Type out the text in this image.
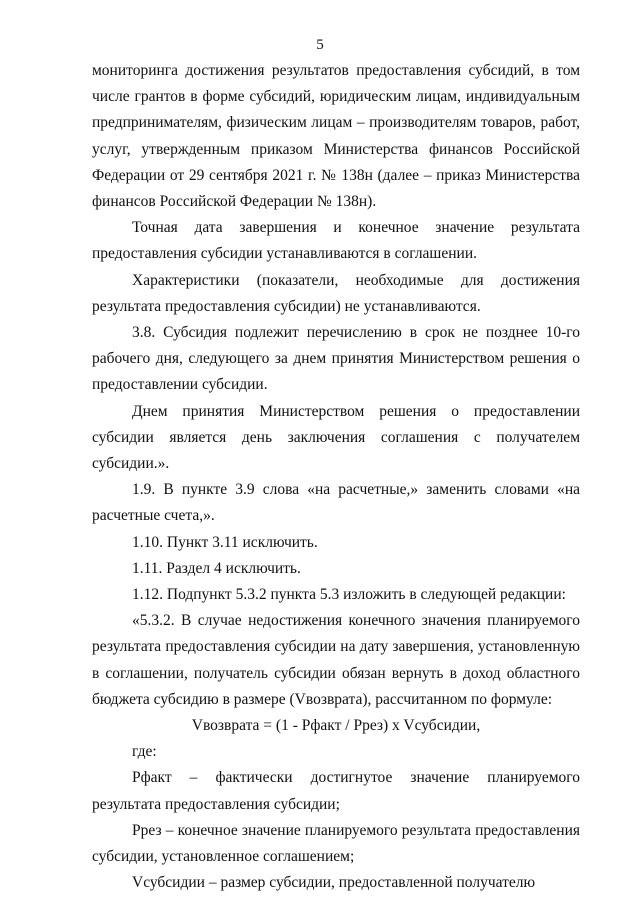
5

мониторинга достижения результатов предоставления субсидий, в том числе грантов в форме субсидий, юридическим лицам, индивидуальным предпринимателям, физическим лицам – производителям товаров, работ, услуг, утвержденным приказом Министерства финансов Российской Федерации от 29 сентября 2021 г. № 138н (далее – приказ Министерства финансов Российской Федерации № 138н).

Точная дата завершения и конечное значение результата предоставления субсидии устанавливаются в соглашении.

Характеристики (показатели, необходимые для достижения результата предоставления субсидии) не устанавливаются.

3.8. Субсидия подлежит перечислению в срок не позднее 10-го рабочего дня, следующего за днем принятия Министерством решения о предоставлении субсидии.

Днем принятия Министерством решения о предоставлении субсидии является день заключения соглашения с получателем субсидии.».

1.9. В пункте 3.9 слова «на расчетные,» заменить словами «на расчетные счета,».

1.10. Пункт 3.11 исключить.

1.11. Раздел 4 исключить.

1.12. Подпункт 5.3.2 пункта 5.3 изложить в следующей редакции:

«5.3.2. В случае недостижения конечного значения планируемого результата предоставления субсидии на дату завершения, установленную в соглашении, получатель субсидии обязан вернуть в доход областного бюджета субсидию в размере (Vвозврата), рассчитанном по формуле:

Vвозврата = (1 - Pфакт / Pрез) x Vсубсидии,

где:

Pфакт – фактически достигнутое значение планируемого результата предоставления субсидии;

Pрез – конечное значение планируемого результата предоставления субсидии, установленное соглашением;

Vсубсидии – размер субсидии, предоставленной получателю
